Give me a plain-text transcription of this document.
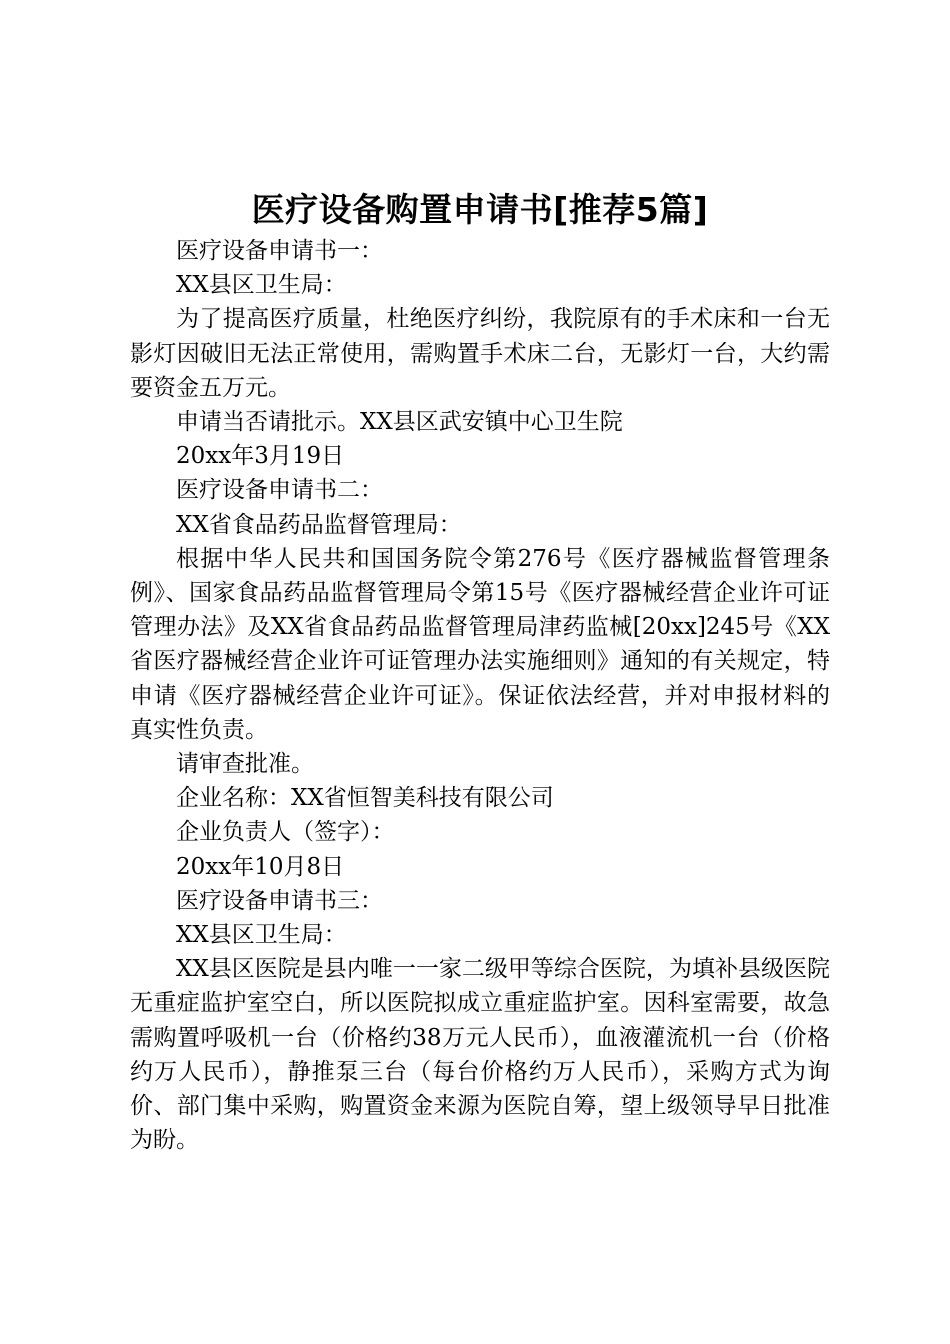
医疗设备购置申请书[推荐5篇]

医疗设备申请书一：

XX县区卫生局：

为了提高医疗质量，杜绝医疗纠纷，我院原有的手术床和一台无影灯因破旧无法正常使用，需购置手术床二台，无影灯一台，大约需要资金五万元。

申请当否请批示。XX县区武安镇中心卫生院

20xx年3月19日

医疗设备申请书二：

XX省食品药品监督管理局：

根据中华人民共和国国务院令第276号《医疗器械监督管理条例》、国家食品药品监督管理局令第15号《医疗器械经营企业许可证管理办法》及XX省食品药品监督管理局津药监械[20xx]245号《XX省医疗器械经营企业许可证管理办法实施细则》通知的有关规定，特申请《医疗器械经营企业许可证》。保证依法经营，并对申报材料的真实性负责。

请审查批准。

企业名称：XX省恒智美科技有限公司

企业负责人（签字）：

20xx年10月8日

医疗设备申请书三：

XX县区卫生局：

XX县区医院是县内唯一一家二级甲等综合医院，为填补县级医院无重症监护室空白，所以医院拟成立重症监护室。因科室需要，故急需购置呼吸机一台（价格约38万元人民币），血液灌流机一台（价格约万人民币），静推泵三台（每台价格约万人民币），采购方式为询价、部门集中采购，购置资金来源为医院自筹，望上级领导早日批准为盼。
